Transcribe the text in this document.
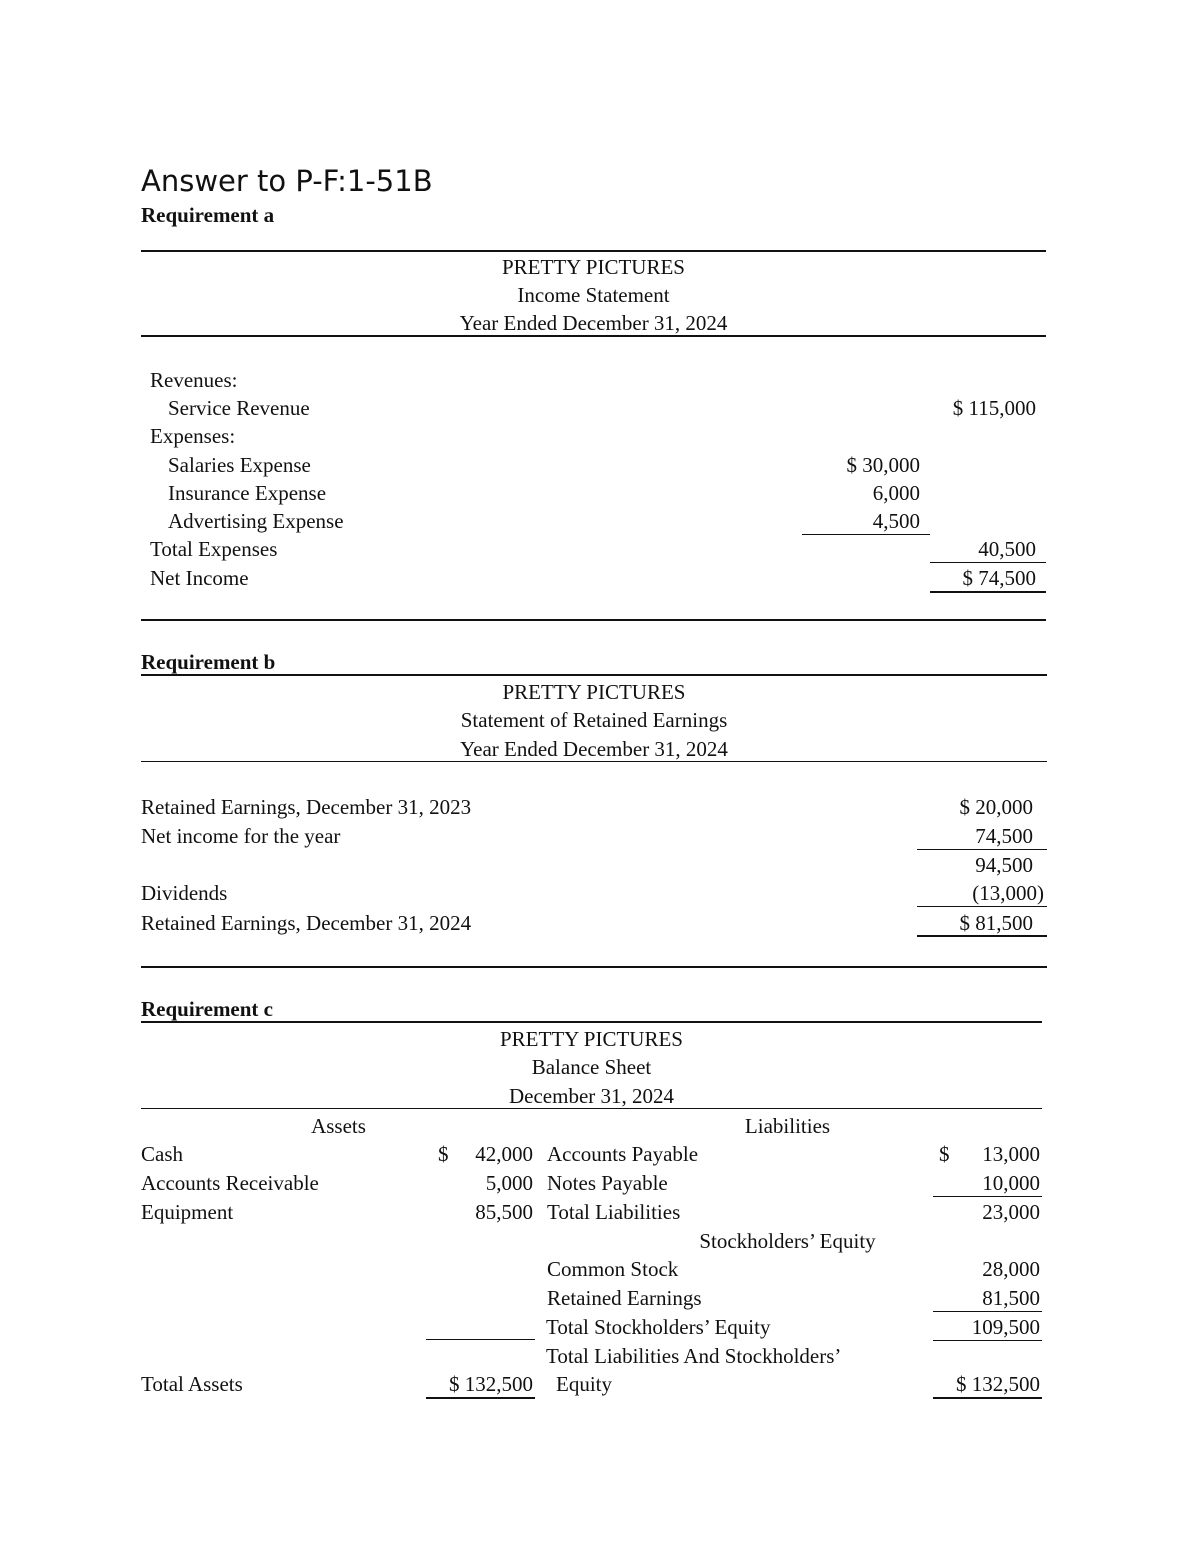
Answer to P-F:1-51B
Requirement a
PRETTY PICTURES
Income Statement
Year Ended December 31, 2024
Revenues:
Service Revenue	$ 115,000
Expenses:
Salaries Expense	$ 30,000
Insurance Expense	6,000
Advertising Expense	4,500
Total Expenses	40,500
Net Income	$ 74,500
Requirement b
PRETTY PICTURES
Statement of Retained Earnings
Year Ended December 31, 2024
Retained Earnings, December 31, 2023	$ 20,000
Net income for the year	74,500
94,500
Dividends	(13,000)
Retained Earnings, December 31, 2024	$ 81,500
Requirement c
PRETTY PICTURES
Balance Sheet
December 31, 2024
Assets	Liabilities
Cash	$	42,000 Accounts Payable	$	13,000
Accounts Receivable	5,000 Notes Payable	10,000
Equipment	85,500 Total Liabilities	23,000
Stockholders’ Equity
Common Stock	28,000
Retained Earnings	81,500
Total Stockholders’ Equity	109,500
Total Liabilities And Stockholders’
Total Assets	$ 132,500 Equity	$ 132,500
